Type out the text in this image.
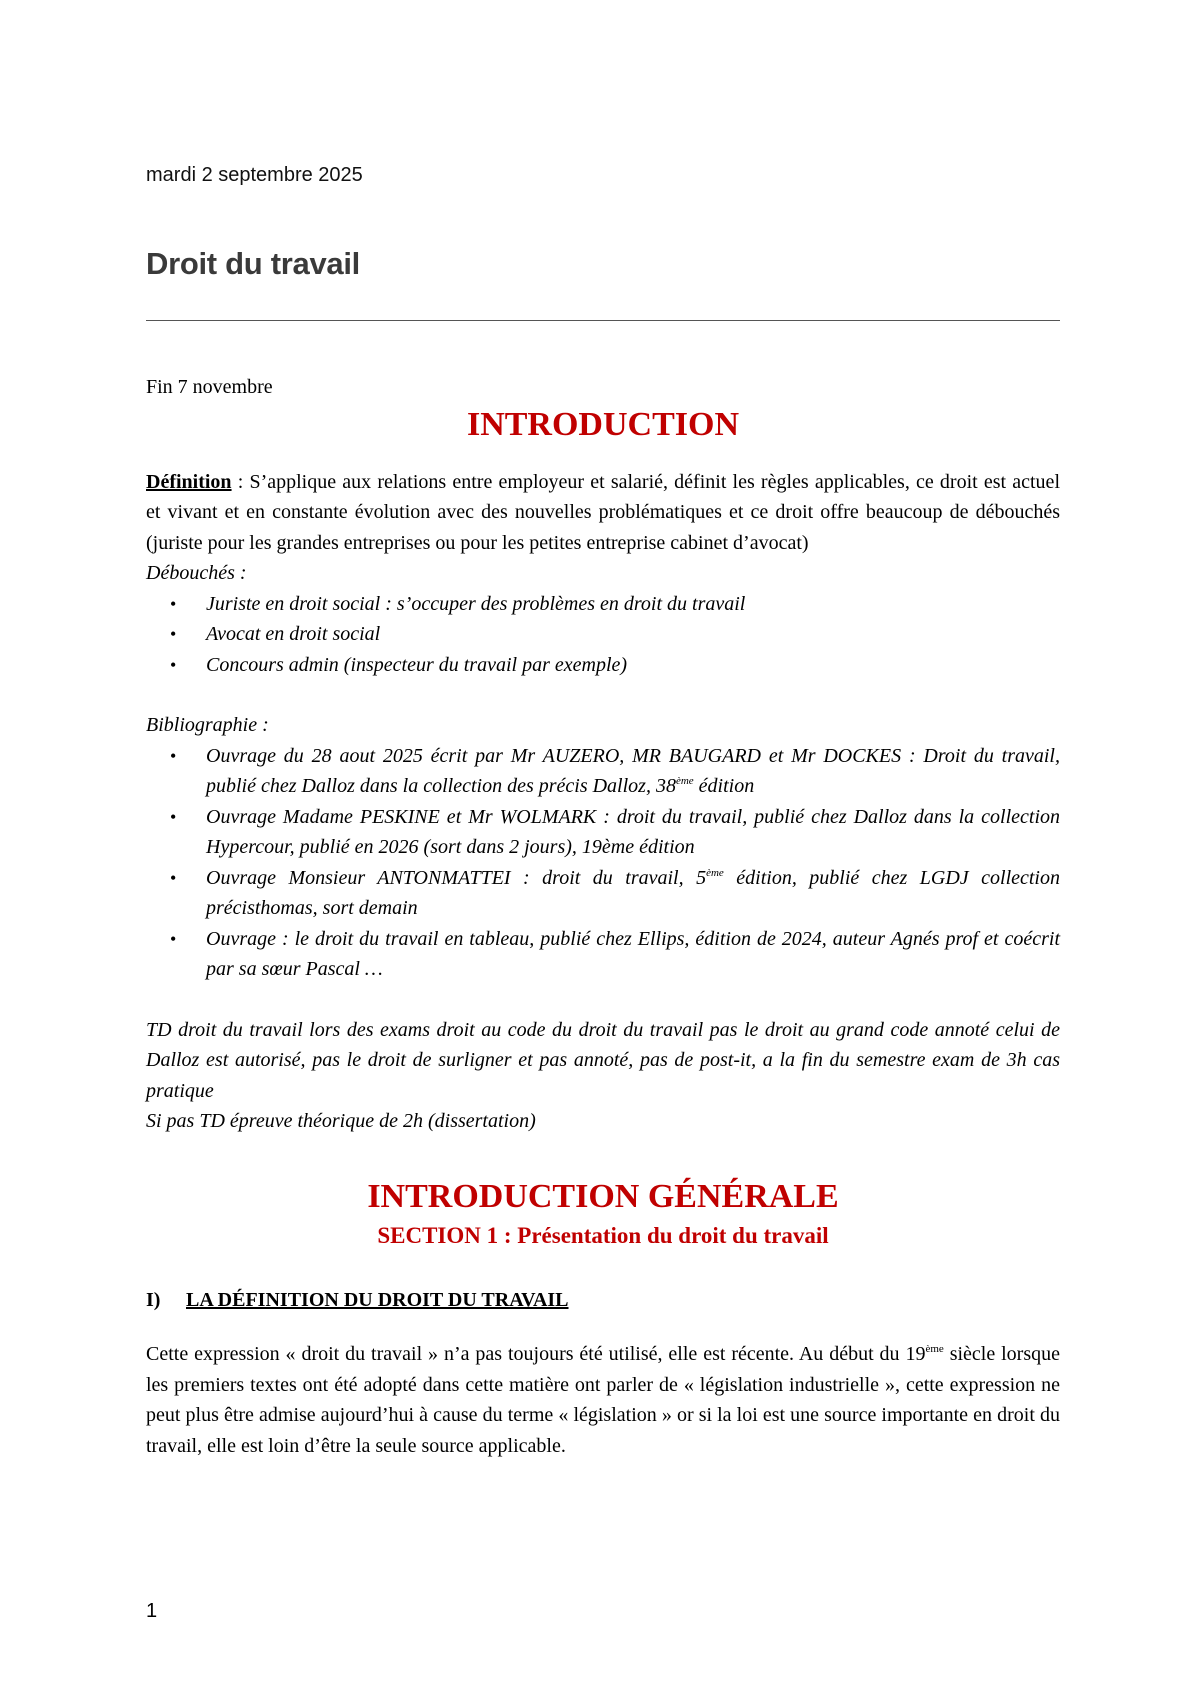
mardi 2 septembre 2025
Droit du travail

Fin 7 novembre

INTRODUCTION

Définition : S’applique aux relations entre employeur et salarié, définit les règles applicables, ce droit est actuel et vivant et en constante évolution avec des nouvelles problématiques et ce droit offre beaucoup de débouchés (juriste pour les grandes entreprises ou pour les petites entreprise cabinet d’avocat)

Débouchés :

• Juriste en droit social : s’occuper des problèmes en droit du travail
• Avocat en droit social
• Concours admin (inspecteur du travail par exemple)

Bibliographie :

• Ouvrage du 28 aout 2025 écrit par Mr AUZERO, MR BAUGARD et Mr DOCKES : Droit du travail, publié chez Dalloz dans la collection des précis Dalloz, 38ème édition
• Ouvrage Madame PESKINE et Mr WOLMARK : droit du travail, publié chez Dalloz dans la collection Hypercour, publié en 2026 (sort dans 2 jours), 19ème édition
• Ouvrage Monsieur ANTONMATTEI : droit du travail, 5ème édition, publié chez LGDJ collection précisthomas, sort demain
• Ouvrage : le droit du travail en tableau, publié chez Ellips, édition de 2024, auteur Agnés prof et coécrit par sa sœur Pascal …

TD droit du travail lors des exams droit au code du droit du travail pas le droit au grand code annoté celui de Dalloz est autorisé, pas le droit de surligner et pas annoté, pas de post-it, a la fin du semestre exam de 3h cas pratique

Si pas TD épreuve théorique de 2h (dissertation)

INTRODUCTION GÉNÉRALE
SECTION 1 : Présentation du droit du travail
I) LA DÉFINITION DU DROIT DU TRAVAIL

Cette expression « droit du travail » n’a pas toujours été utilisé, elle est récente. Au début du 19ème siècle lorsque les premiers textes ont été adopté dans cette matière ont parler de « législation industrielle », cette expression ne peut plus être admise aujourd’hui à cause du terme « législation » or si la loi est une source importante en droit du travail, elle est loin d’être la seule source applicable.

1
